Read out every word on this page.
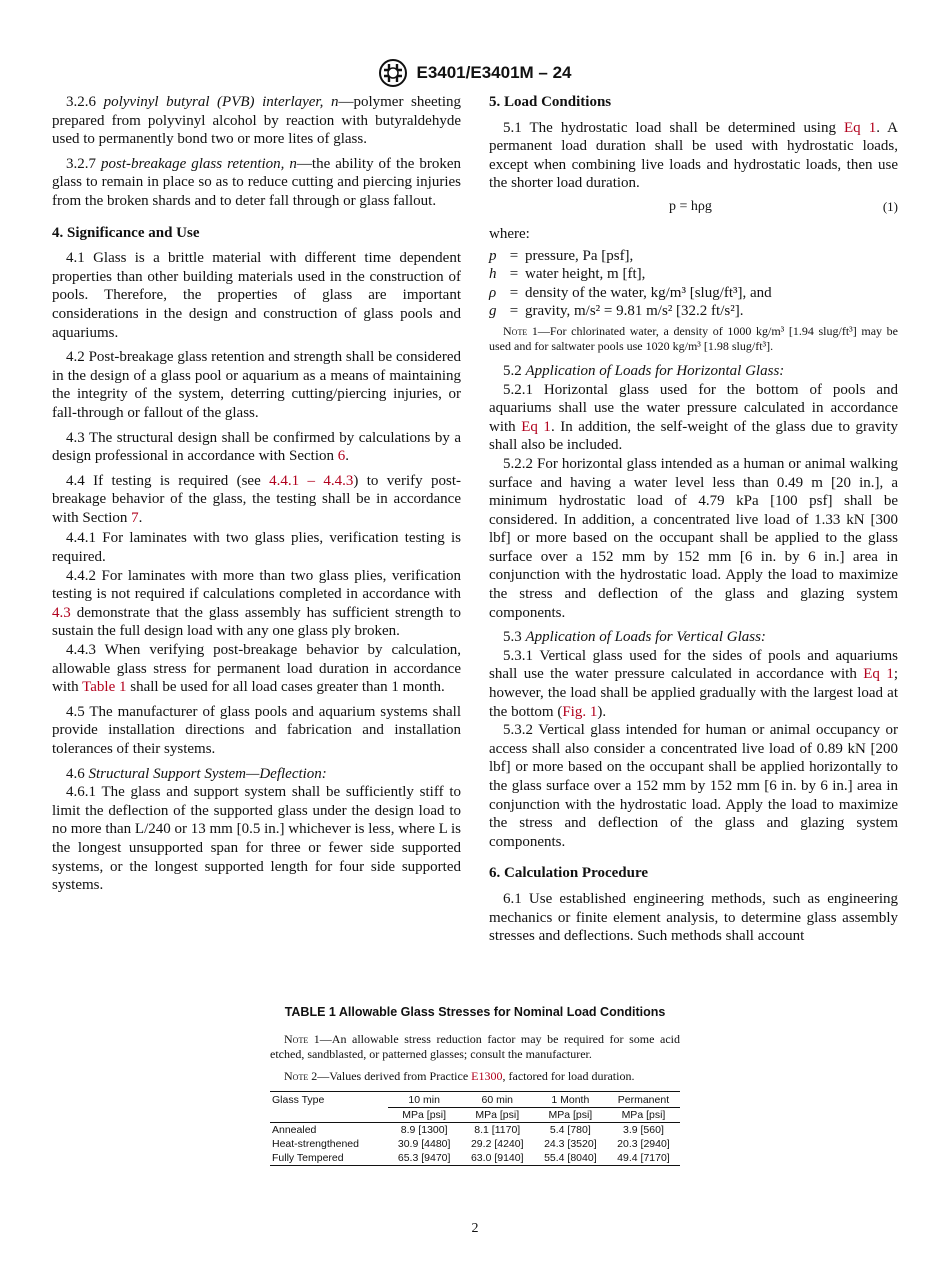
E3401/E3401M – 24

3.2.6 polyvinyl butyral (PVB) interlayer, n—polymer sheeting prepared from polyvinyl alcohol by reaction with butyraldehyde used to permanently bond two or more lites of glass.

3.2.7 post-breakage glass retention, n—the ability of the broken glass to remain in place so as to reduce cutting and piercing injuries from the broken shards and to deter fall through or glass fallout.

4. Significance and Use

4.1 Glass is a brittle material with different time dependent properties than other building materials used in the construction of pools. Therefore, the properties of glass are important considerations in the design and construction of glass pools and aquariums.

4.2 Post-breakage glass retention and strength shall be considered in the design of a glass pool or aquarium as a means of maintaining the integrity of the system, deterring cutting/piercing injuries, or fall-through or fallout of the glass.

4.3 The structural design shall be confirmed by calculations by a design professional in accordance with Section 6.

4.4 If testing is required (see 4.4.1 – 4.4.3) to verify post-breakage behavior of the glass, the testing shall be in accordance with Section 7.

4.4.1 For laminates with two glass plies, verification testing is required.

4.4.2 For laminates with more than two glass plies, verification testing is not required if calculations completed in accordance with 4.3 demonstrate that the glass assembly has sufficient strength to sustain the full design load with any one glass ply broken.

4.4.3 When verifying post-breakage behavior by calculation, allowable glass stress for permanent load duration in accordance with Table 1 shall be used for all load cases greater than 1 month.

4.5 The manufacturer of glass pools and aquarium systems shall provide installation directions and fabrication and installation tolerances of their systems.

4.6 Structural Support System—Deflection:

4.6.1 The glass and support system shall be sufficiently stiff to limit the deflection of the supported glass under the design load to no more than L/240 or 13 mm [0.5 in.] whichever is less, where L is the longest unsupported span for three or fewer side supported systems, or the longest supported length for four side supported systems.

5. Load Conditions

5.1 The hydrostatic load shall be determined using Eq 1. A permanent load duration shall be used with hydrostatic loads, except when combining live loads and hydrostatic loads, then use the shorter load duration.

p = hρg	(1)

where:

p = pressure, Pa [psf],
h = water height, m [ft],
ρ = density of the water, kg/m³ [slug/ft³], and
g = gravity, m/s² = 9.81 m/s² [32.2 ft/s²].

Note 1—For chlorinated water, a density of 1000 kg/m³ [1.94 slug/ft³] may be used and for saltwater pools use 1020 kg/m³ [1.98 slug/ft³].

5.2 Application of Loads for Horizontal Glass:

5.2.1 Horizontal glass used for the bottom of pools and aquariums shall use the water pressure calculated in accordance with Eq 1. In addition, the self-weight of the glass due to gravity shall also be included.

5.2.2 For horizontal glass intended as a human or animal walking surface and having a water level less than 0.49 m [20 in.], a minimum hydrostatic load of 4.79 kPa [100 psf] shall be considered. In addition, a concentrated live load of 1.33 kN [300 lbf] or more based on the occupant shall be applied to the glass surface over a 152 mm by 152 mm [6 in. by 6 in.] area in conjunction with the hydrostatic load. Apply the load to maximize the stress and deflection of the glass and glazing system components.

5.3 Application of Loads for Vertical Glass:

5.3.1 Vertical glass used for the sides of pools and aquariums shall use the water pressure calculated in accordance with Eq 1; however, the load shall be applied gradually with the largest load at the bottom (Fig. 1).

5.3.2 Vertical glass intended for human or animal occupancy or access shall also consider a concentrated live load of 0.89 kN [200 lbf] or more based on the occupant shall be applied horizontally to the glass surface over a 152 mm by 152 mm [6 in. by 6 in.] area in conjunction with the hydrostatic load. Apply the load to maximize the stress and deflection of the glass and glazing system components.

6. Calculation Procedure

6.1 Use established engineering methods, such as engineering mechanics or finite element analysis, to determine glass assembly stresses and deflections. Such methods shall account

TABLE 1 Allowable Glass Stresses for Nominal Load Conditions

Note 1—An allowable stress reduction factor may be required for some acid etched, sandblasted, or patterned glasses; consult the manufacturer.

Note 2—Values derived from Practice E1300, factored for load duration.

Glass Type	10 min	60 min	1 Month	Permanent
	MPa [psi]	MPa [psi]	MPa [psi]	MPa [psi]
Annealed	8.9 [1300]	8.1 [1170]	5.4 [780]	3.9 [560]
Heat-strengthened	30.9 [4480]	29.2 [4240]	24.3 [3520]	20.3 [2940]
Fully Tempered	65.3 [9470]	63.0 [9140]	55.4 [8040]	49.4 [7170]
2
